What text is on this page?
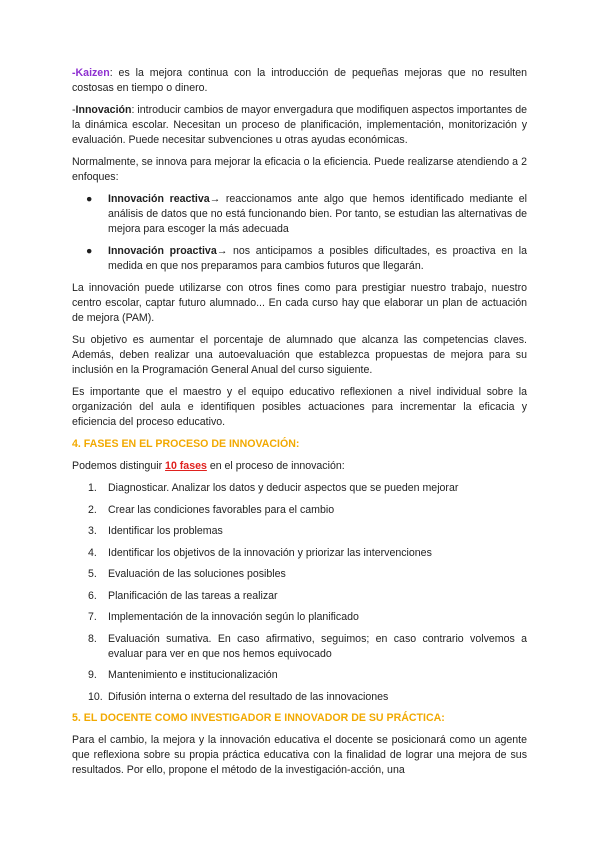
-Kaizen: es la mejora continua con la introducción de pequeñas mejoras que no resulten costosas en tiempo o dinero.

-Innovación: introducir cambios de mayor envergadura que modifiquen aspectos importantes de la dinámica escolar. Necesitan un proceso de planificación, implementación, monitorización y evaluación. Puede necesitar subvenciones u otras ayudas económicas.

Normalmente, se innova para mejorar la eficacia o la eficiencia. Puede realizarse atendiendo a 2 enfoques:

● Innovación reactiva→ reaccionamos ante algo que hemos identificado mediante el análisis de datos que no está funcionando bien. Por tanto, se estudian las alternativas de mejora para escoger la más adecuada
● Innovación proactiva→ nos anticipamos a posibles dificultades, es proactiva en la medida en que nos preparamos para cambios futuros que llegarán.

La innovación puede utilizarse con otros fines como para prestigiar nuestro trabajo, nuestro centro escolar, captar futuro alumnado... En cada curso hay que elaborar un plan de actuación de mejora (PAM).

Su objetivo es aumentar el porcentaje de alumnado que alcanza las competencias claves. Además, deben realizar una autoevaluación que establezca propuestas de mejora para su inclusión en la Programación General Anual del curso siguiente.

Es importante que el maestro y el equipo educativo reflexionen a nivel individual sobre la organización del aula e identifiquen posibles actuaciones para incrementar la eficacia y eficiencia del proceso educativo.

4. FASES EN EL PROCESO DE INNOVACIÓN:

Podemos distinguir 10 fases en el proceso de innovación:

1. Diagnosticar. Analizar los datos y deducir aspectos que se pueden mejorar
2. Crear las condiciones favorables para el cambio
3. Identificar los problemas
4. Identificar los objetivos de la innovación y priorizar las intervenciones
5. Evaluación de las soluciones posibles
6. Planificación de las tareas a realizar
7. Implementación de la innovación según lo planificado
8. Evaluación sumativa. En caso afirmativo, seguimos; en caso contrario volvemos a evaluar para ver en que nos hemos equivocado
9. Mantenimiento e institucionalización
10. Difusión interna o externa del resultado de las innovaciones
5. EL DOCENTE COMO INVESTIGADOR E INNOVADOR DE SU PRÁCTICA:

Para el cambio, la mejora y la innovación educativa el docente se posicionará como un agente que reflexiona sobre su propia práctica educativa con la finalidad de lograr una mejora de sus resultados. Por ello, propone el método de la investigación-acción, una
